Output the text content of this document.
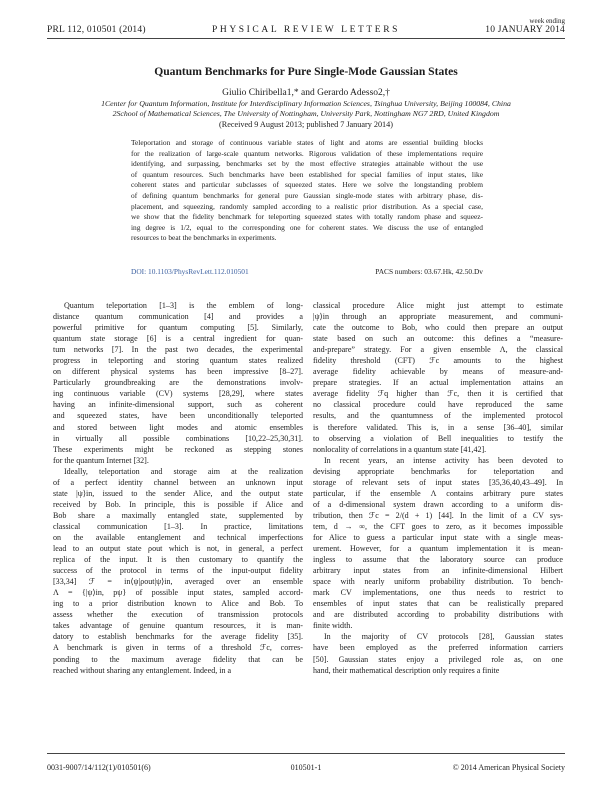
PRL 112, 010501 (2014)	PHYSICAL REVIEW LETTERS
week ending
10 JANUARY 2014
Quantum Benchmarks for Pure Single-Mode Gaussian States
Giulio Chiribella1,* and Gerardo Adesso2,†
1Center for Quantum Information, Institute for Interdisciplinary Information Sciences, Tsinghua University, Beijing 100084, China
2School of Mathematical Sciences, The University of Nottingham, University Park, Nottingham NG7 2RD, United Kingdom
(Received 9 August 2013; published 7 January 2014)
Teleportation and storage of continuous variable states of light and atoms are essential building blocks
for the realization of large-scale quantum networks. Rigorous validation of these implementations require
identifying, and surpassing, benchmarks set by the most effective strategies attainable without the use
of quantum resources. Such benchmarks have been established for special families of input states, like
coherent states and particular subclasses of squeezed states. Here we solve the longstanding problem
of defining quantum benchmarks for general pure Gaussian single-mode states with arbitrary phase, dis-
placement, and squeezing, randomly sampled according to a realistic prior distribution. As a special case,
we show that the fidelity benchmark for teleporting squeezed states with totally random phase and squeez-
ing degree is 1/2, equal to the corresponding one for coherent states. We discuss the use of entangled
resources to beat the benchmarks in experiments.
DOI: 10.1103/PhysRevLett.112.010501	PACS numbers: 03.67.Hk, 42.50.Dv
Quantum teleportation [1–3] is the emblem of long-
distance quantum communication [4] and provides a
powerful primitive for quantum computing [5]. Similarly,
quantum state storage [6] is a central ingredient for quan-
tum networks [7]. In the past two decades, the experimental
progress in teleporting and storing quantum states realized
on different physical systems has been impressive [8–27].
Particularly groundbreaking are the demonstrations involv-
ing continuous variable (CV) systems [28,29], where states
having an infinite-dimensional support, such as coherent
and squeezed states, have been unconditionally teleported
and stored between light modes and atomic ensembles
in virtually all possible combinations [10,22–25,30,31].
These experiments might be reckoned as stepping stones
for the quantum Internet [32].
Ideally, teleportation and storage aim at the realization
of a perfect identity channel between an unknown input
state |ψ⟩in, issued to the sender Alice, and the output state
received by Bob. In principle, this is possible if Alice and
Bob share a maximally entangled state, supplemented by
classical communication [1–3]. In practice, limitations
on the available entanglement and technical imperfections
lead to an output state ρout which is not, in general, a perfect
replica of the input. It is then customary to quantify the
success of the protocol in terms of the input-output fidelity
[33,34] ℱ = in⟨ψ|ρout|ψ⟩in, averaged over an ensemble
Λ = {|ψ⟩in, pψ} of possible input states, sampled accord-
ing to a prior distribution known to Alice and Bob. To
assess whether the execution of transmission protocols
takes advantage of genuine quantum resources, it is man-
datory to establish benchmarks for the average fidelity [35].
A benchmark is given in terms of a threshold ℱc, corres-
ponding to the maximum average fidelity that can be
reached without sharing any entanglement. Indeed, in a
classical procedure Alice might just attempt to estimate
|ψ⟩in through an appropriate measurement, and communi-
cate the outcome to Bob, who could then prepare an output
state based on such an outcome: this defines a “measure-
and-prepare” strategy. For a given ensemble Λ, the classical
fidelity threshold (CFT) ℱc amounts to the highest
average fidelity achievable by means of measure-and-
prepare strategies. If an actual implementation attains an
average fidelity ℱq higher than ℱc, then it is certified that
no classical procedure could have reproduced the same
results, and the quantumness of the implemented protocol
is therefore validated. This is, in a sense [36–40], similar
to observing a violation of Bell inequalities to testify the
nonlocality of correlations in a quantum state [41,42].
In recent years, an intense activity has been devoted to
devising appropriate benchmarks for teleportation and
storage of relevant sets of input states [35,36,40,43–49]. In
particular, if the ensemble Λ contains arbitrary pure states
of a d-dimensional system drawn according to a uniform dis-
tribution, then ℱc = 2/(d + 1) [44]. In the limit of a CV sys-
tem, d → ∞, the CFT goes to zero, as it becomes impossible
for Alice to guess a particular input state with a single meas-
urement. However, for a quantum implementation it is mean-
ingless to assume that the laboratory source can produce
arbitrary input states from an infinite-dimensional Hilbert
space with nearly uniform probability distribution. To bench-
mark CV implementations, one thus needs to restrict to
ensembles of input states that can be realistically prepared
and are distributed according to probability distributions with
finite width.
In the majority of CV protocols [28], Gaussian states
have been employed as the preferred information carriers
[50]. Gaussian states enjoy a privileged role as, on one
hand, their mathematical description only requires a finite
0031-9007/14/112(1)/010501(6)	010501-1	© 2014 American Physical Society
